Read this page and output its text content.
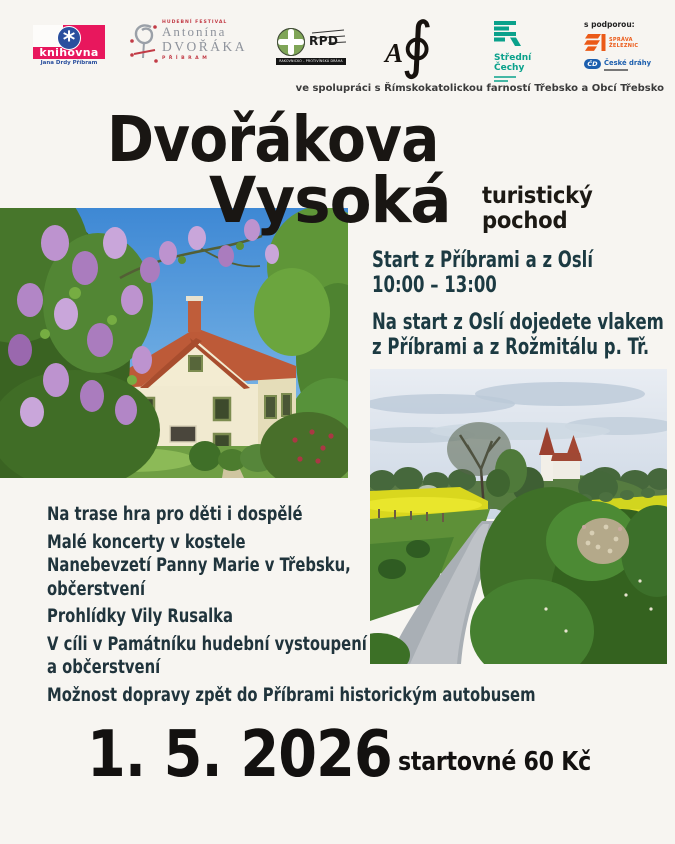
*
knihovna
Jana Drdy Příbram
HUDEBNÍ FESTIVAL
Antonína
DVOŘÁKA
PŘÍBRAM
RPD
RAKOVNICKO - PROTIVÍNSKÁ DRÁHA A
∮	Střední
Čechy
s podporou:
SPRÁVA
ŽELEZNIC
ČD České dráhy
ve spolupráci s Římskokatolickou farností Třebsko a Obcí Třebsko
Dvořákova
Vysoká turistický
pochod
Start z Příbrami a z Oslí
10:00 – 13:00
Na start z Oslí dojedete vlakem
z Příbrami a z Rožmitálu p. Tř.
Na trase hra pro děti i dospělé
Malé koncerty v kostele
Nanebevzetí Panny Marie v Třebsku,
občerstvení
Prohlídky Vily Rusalka
V cíli v Památníku hudební vystoupení
a občerstvení
Možnost dopravy zpět do Příbrami historickým autobusem
1. 5. 2026 startovné 60 Kč
